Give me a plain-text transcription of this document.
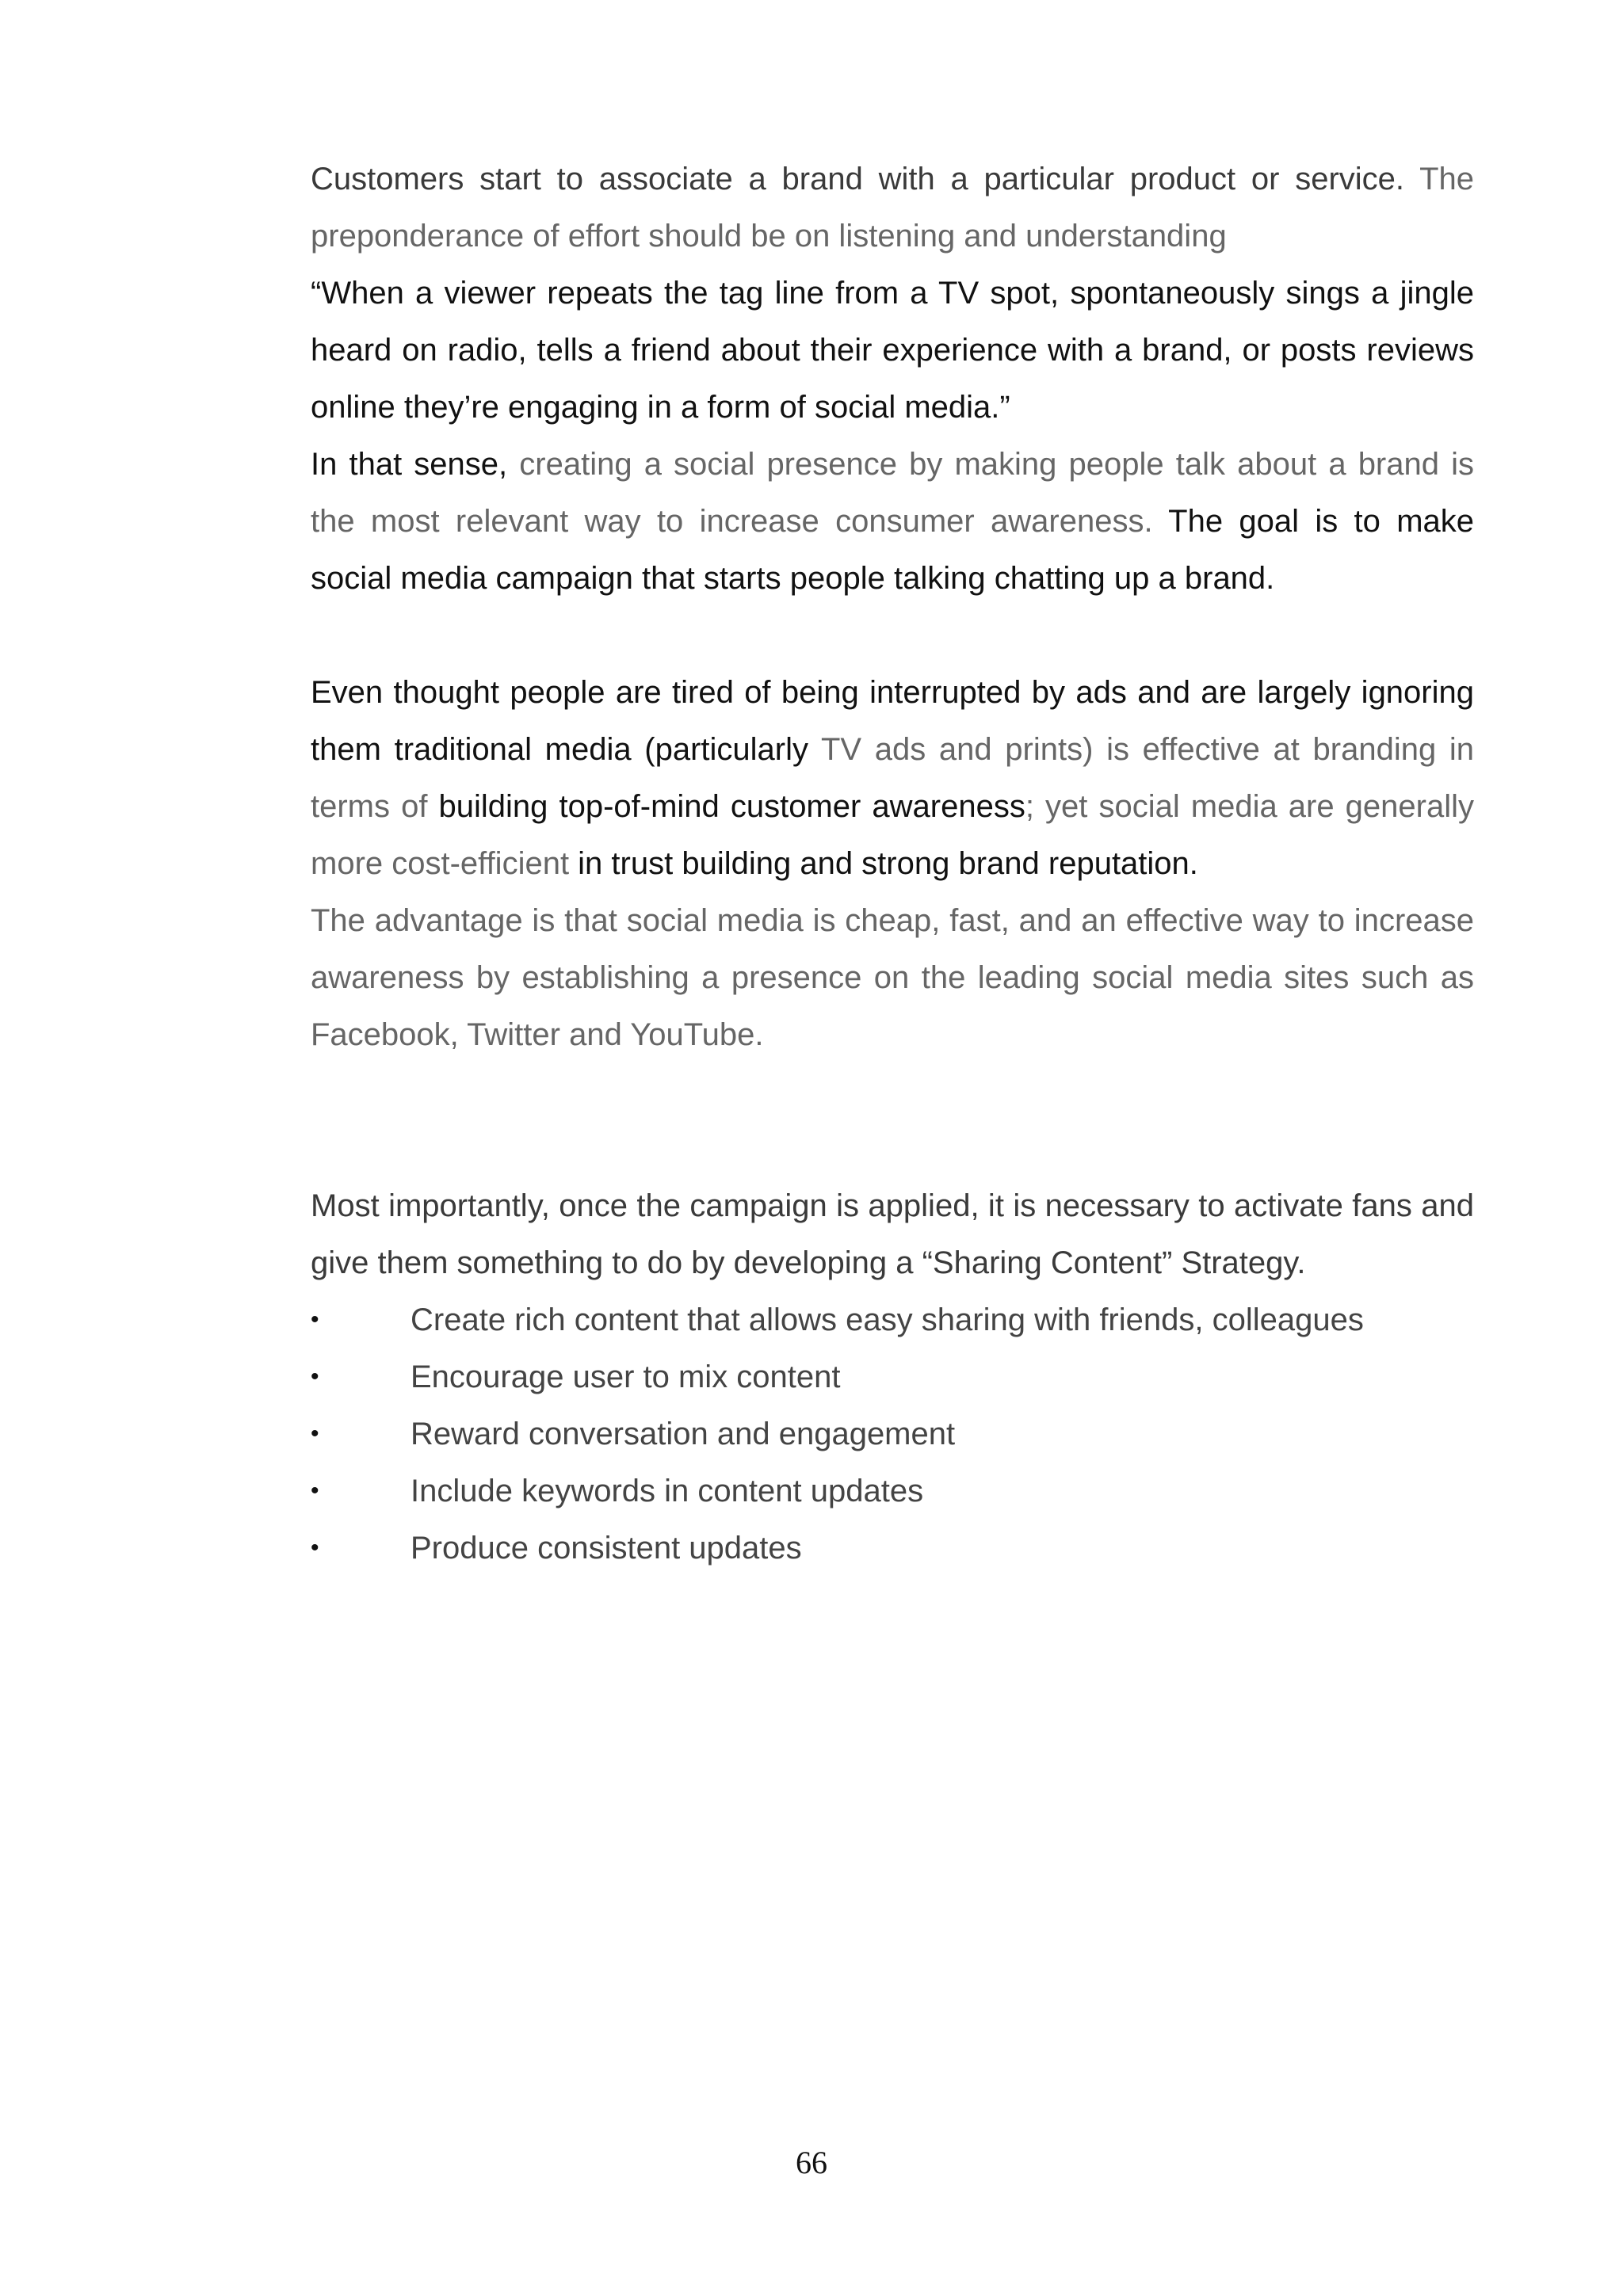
Customers start to associate a brand with a particular product or service. The preponderance of effort should be on listening and understanding

“When a viewer repeats the tag line from a TV spot, spontaneously sings a jingle heard on radio, tells a friend about their experience with a brand, or posts reviews online they’re engaging in a form of social media.”

In that sense, creating a social presence by making people talk about a brand is the most relevant way to increase consumer awareness. The goal is to make social media campaign that starts people talking chatting up a brand.

Even thought people are tired of being interrupted by ads and are largely ignoring them traditional media (particularly TV ads and prints) is effective at branding in terms of building top-of-mind customer awareness; yet social media are generally more cost-efficient in trust building and strong brand reputation.

The advantage is that social media is cheap, fast, and an effective way to increase awareness by establishing a presence on the leading social media sites such as Facebook, Twitter and YouTube.

Most importantly, once the campaign is applied, it is necessary to activate fans and give them something to do by developing a “Sharing Content” Strategy.

•	Create rich content that allows easy sharing with friends, colleagues
•	Encourage user to mix content
•	Reward conversation and engagement
•	Include keywords in content updates
•	Produce consistent updates
66
